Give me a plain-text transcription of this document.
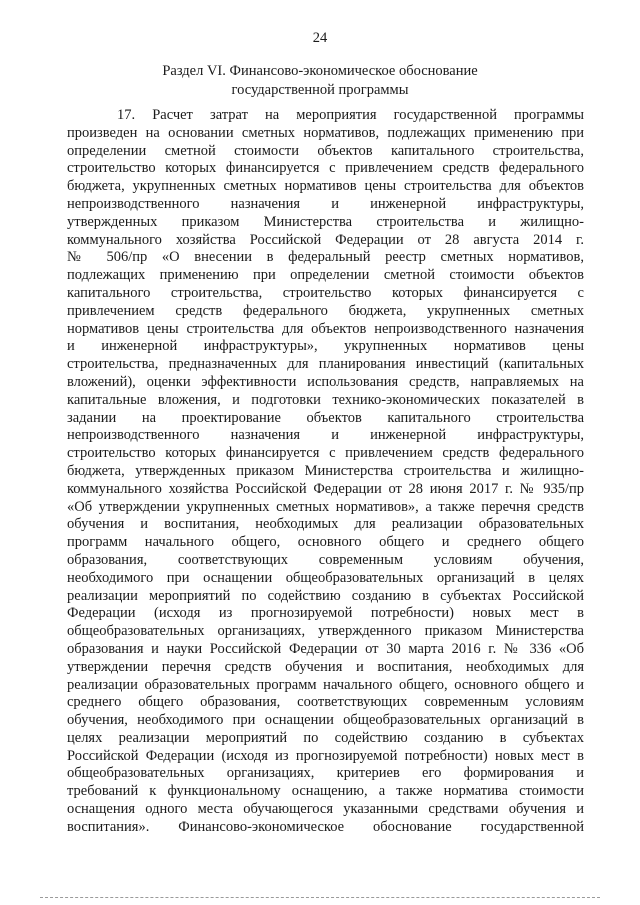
24
Раздел VI. Финансово-экономическое обоснование
государственной программы
17. Расчет затрат на мероприятия государственной программы
произведен на основании сметных нормативов, подлежащих применению при
определении сметной стоимости объектов капитального строительства,
строительство которых финансируется с привлечением средств федерального
бюджета, укрупненных сметных нормативов цены строительства для объектов
непроизводственного назначения и инженерной инфраструктуры,
утвержденных приказом Министерства строительства и жилищно-
коммунального хозяйства Российской Федерации от 28 августа 2014 г.
№ 506/пр «О внесении в федеральный реестр сметных нормативов,
подлежащих применению при определении сметной стоимости объектов
капитального строительства, строительство которых финансируется с
привлечением средств федерального бюджета, укрупненных сметных
нормативов цены строительства для объектов непроизводственного назначения
и инженерной инфраструктуры», укрупненных нормативов цены
строительства, предназначенных для планирования инвестиций (капитальных
вложений), оценки эффективности использования средств, направляемых на
капитальные вложения, и подготовки технико-экономических показателей в
задании на проектирование объектов капитального строительства
непроизводственного назначения и инженерной инфраструктуры,
строительство которых финансируется с привлечением средств федерального
бюджета, утвержденных приказом Министерства строительства и жилищно-
коммунального хозяйства Российской Федерации от 28 июня 2017 г. № 935/пр
«Об утверждении укрупненных сметных нормативов», а также перечня средств
обучения и воспитания, необходимых для реализации образовательных
программ начального общего, основного общего и среднего общего
образования, соответствующих современным условиям обучения,
необходимого при оснащении общеобразовательных организаций в целях
реализации мероприятий по содействию созданию в субъектах Российской
Федерации (исходя из прогнозируемой потребности) новых мест в
общеобразовательных организациях, утвержденного приказом Министерства
образования и науки Российской Федерации от 30 марта 2016 г. № 336 «Об
утверждении перечня средств обучения и воспитания, необходимых для
реализации образовательных программ начального общего, основного общего и
среднего общего образования, соответствующих современным условиям
обучения, необходимого при оснащении общеобразовательных организаций в
целях реализации мероприятий по содействию созданию в субъектах
Российской Федерации (исходя из прогнозируемой потребности) новых мест в
общеобразовательных организациях, критериев его формирования и
требований к функциональному оснащению, а также норматива стоимости
оснащения одного места обучающегося указанными средствами обучения и
воспитания». Финансово-экономическое обоснование государственной
